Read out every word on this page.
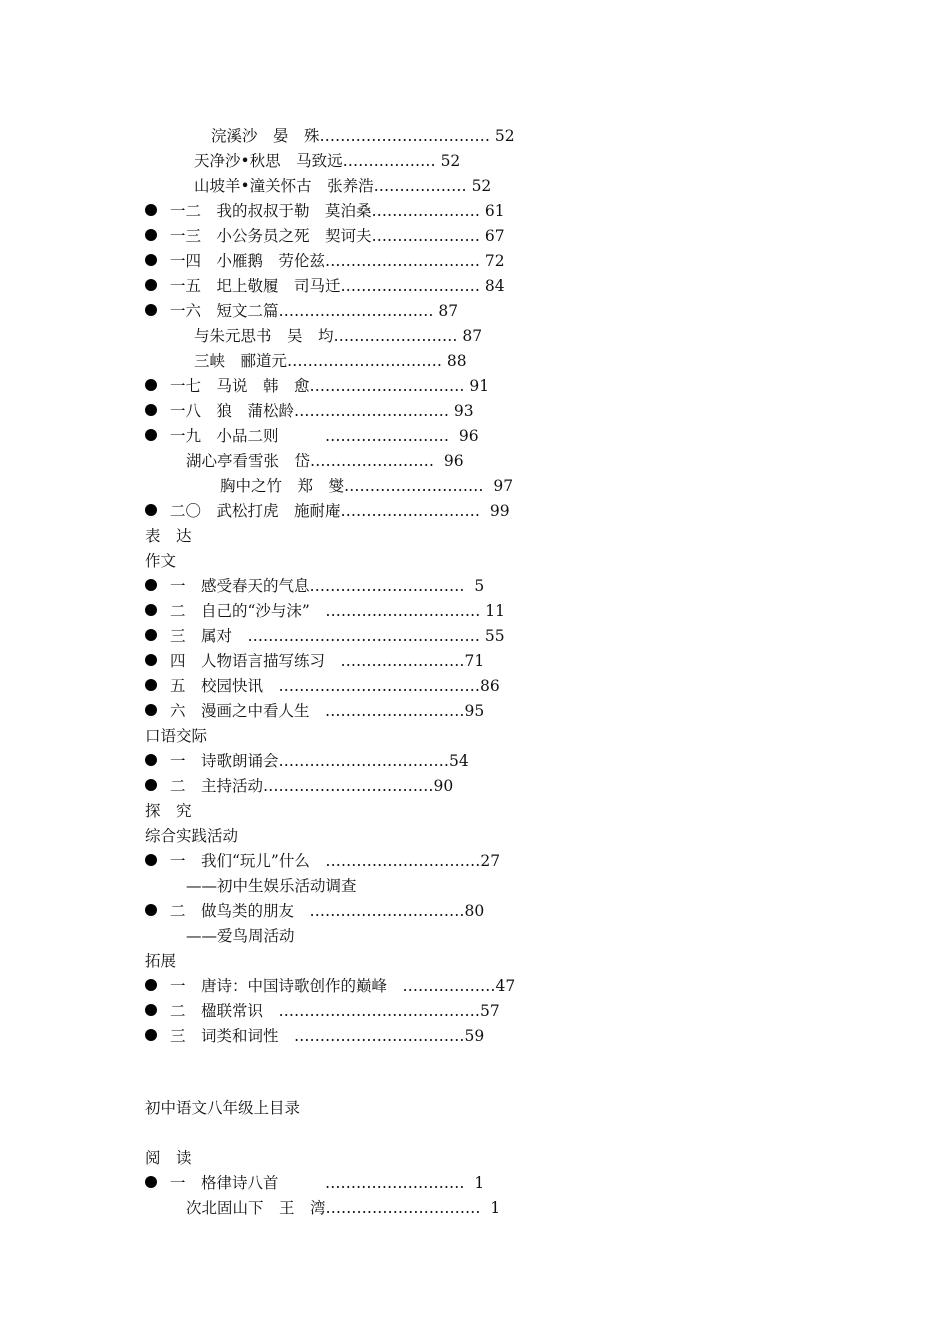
浣溪沙　晏　殊…………………………… 52
天净沙•秋思　马致远……………… 52
山坡羊•潼关怀古　张养浩……………… 52
一二　我的叔叔于勒　莫泊桑………………… 61
一三　小公务员之死　契诃夫………………… 67
一四　小雁鹅　劳伦兹………………………… 72
一五　圯上敬履　司马迁……………………… 84
一六　短文二篇………………………… 87
与朱元思书　吴　均…………………… 87
三峡　郦道元………………………… 88
一七　马说　韩　愈………………………… 91
一八　狼　蒲松龄………………………… 93
一九　小品二则　　　……………………  96
湖心亭看雪张　岱……………………  96
胸中之竹　郑　燮………………………  97
二〇　武松打虎　施耐庵………………………  99
表　达
作文
一　感受春天的气息…………………………  5
二　自己的“沙与沫”　………………………… 11
三　属对　……………………………………… 55
四　人物语言描写练习　……………………71
五　校园快讯　…………………………………86
六　漫画之中看人生　………………………95
口语交际
一　诗歌朗诵会……………………………54
二　主持活动……………………………90
探　究
综合实践活动
一　我们“玩儿”什么　…………………………27
——初中生娱乐活动调查
二　做鸟类的朋友　…………………………80
——爱鸟周活动
拓展
一　唐诗：中国诗歌创作的巅峰　………………47
二　楹联常识　…………………………………57
三　词类和词性　……………………………59
初中语文八年级上目录
阅　读
一　格律诗八首　　　………………………  1
次北固山下　王　湾…………………………  1
